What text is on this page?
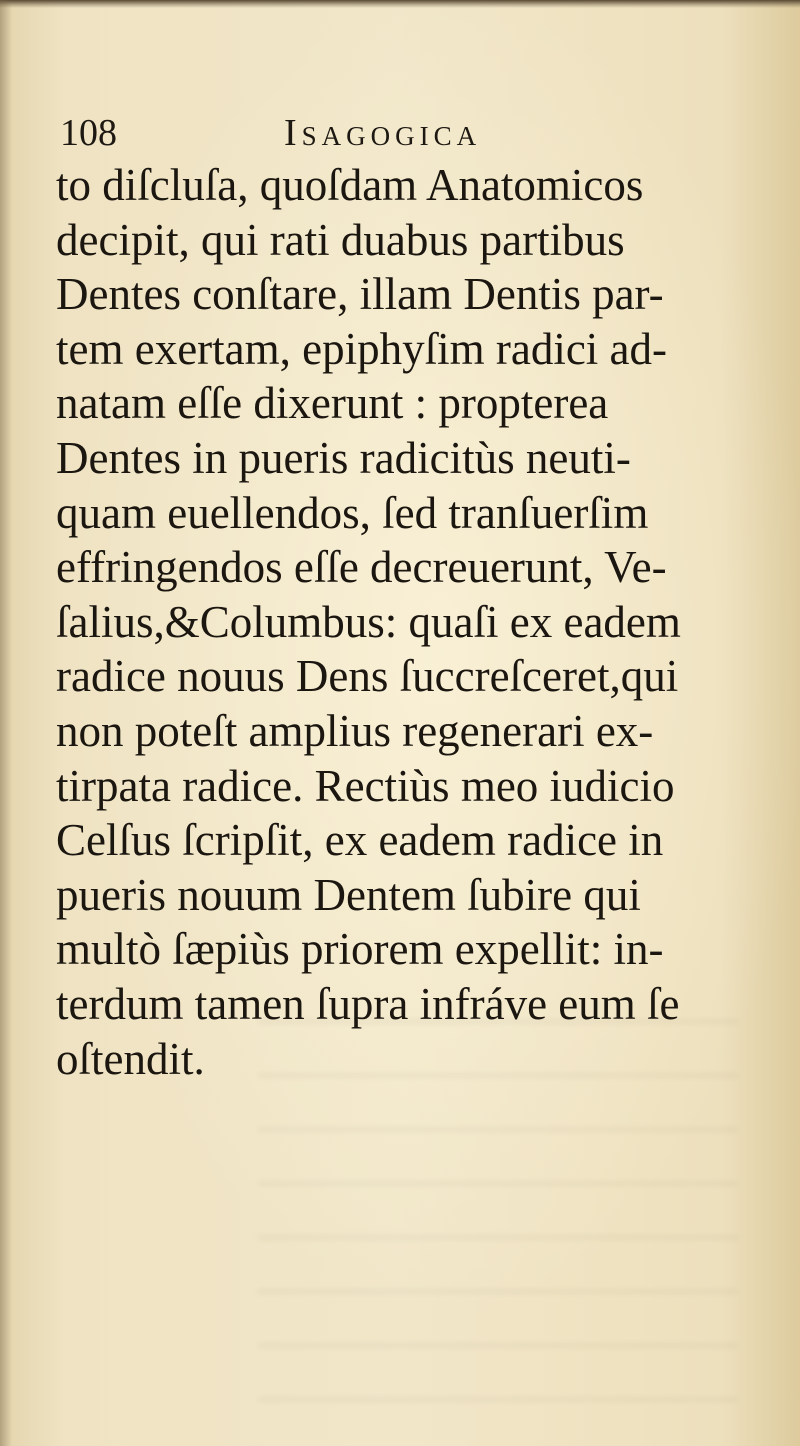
108	Isagogica
to diſcluſa, quoſdam Anatomicos
decipit, qui rati duabus partibus
Dentes conſtare, illam Dentis par-
tem exertam, epiphyſim radici ad-
natam eſſe dixerunt : propterea
Dentes in pueris radicitùs neuti-
quam euellendos, ſed tranſuerſim
effringendos eſſe decreuerunt, Ve-
ſalius,&Columbus: quaſi ex eadem
radice nouus Dens ſuccreſceret,qui
non poteſt amplius regenerari ex-
tirpata radice. Rectiùs meo iudicio
Celſus ſcripſit, ex eadem radice in
pueris nouum Dentem ſubire qui
multò ſæpiùs priorem expellit: in-
terdum tamen ſupra infráve eum ſe
oſtendit.
